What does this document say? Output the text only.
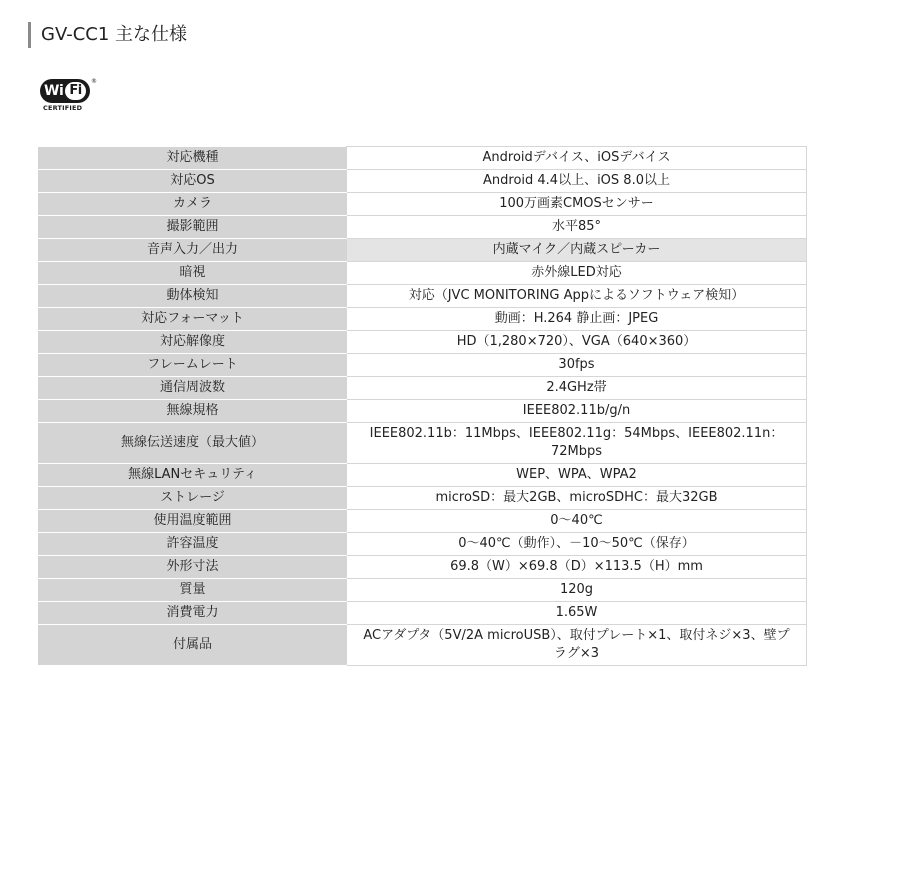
GV-CC1 主な仕様
Wi Fi
®
CERTIFIED
対応機種	Androidデバイス、iOSデバイス
対応OS	Android 4.4以上、iOS 8.0以上
カメラ	100万画素CMOSセンサー
撮影範囲	水平85°
音声入力／出力	内蔵マイク／内蔵スピーカー
暗視	赤外線LED対応
動体検知	対応（JVC MONITORING Appによるソフトウェア検知）
対応フォーマット	動画：H.264 静止画：JPEG
対応解像度	HD（1,280×720）、VGA（640×360）
フレームレート	30fps
通信周波数	2.4GHz帯
無線規格	IEEE802.11b/g/n
無線伝送速度（最大値）	IEEE802.11b：11Mbps、IEEE802.11g：54Mbps、IEEE802.11n：72Mbps
無線LANセキュリティ	WEP、WPA、WPA2
ストレージ	microSD：最大2GB、microSDHC：最大32GB
使用温度範囲	0～40℃
許容温度	0～40℃（動作）、－10～50℃（保存）
外形寸法	69.8（W）×69.8（D）×113.5（H）mm
質量	120g
消費電力	1.65W
付属品	ACアダプタ（5V/2A microUSB）、取付プレート×1、取付ネジ×3、壁プラグ×3
